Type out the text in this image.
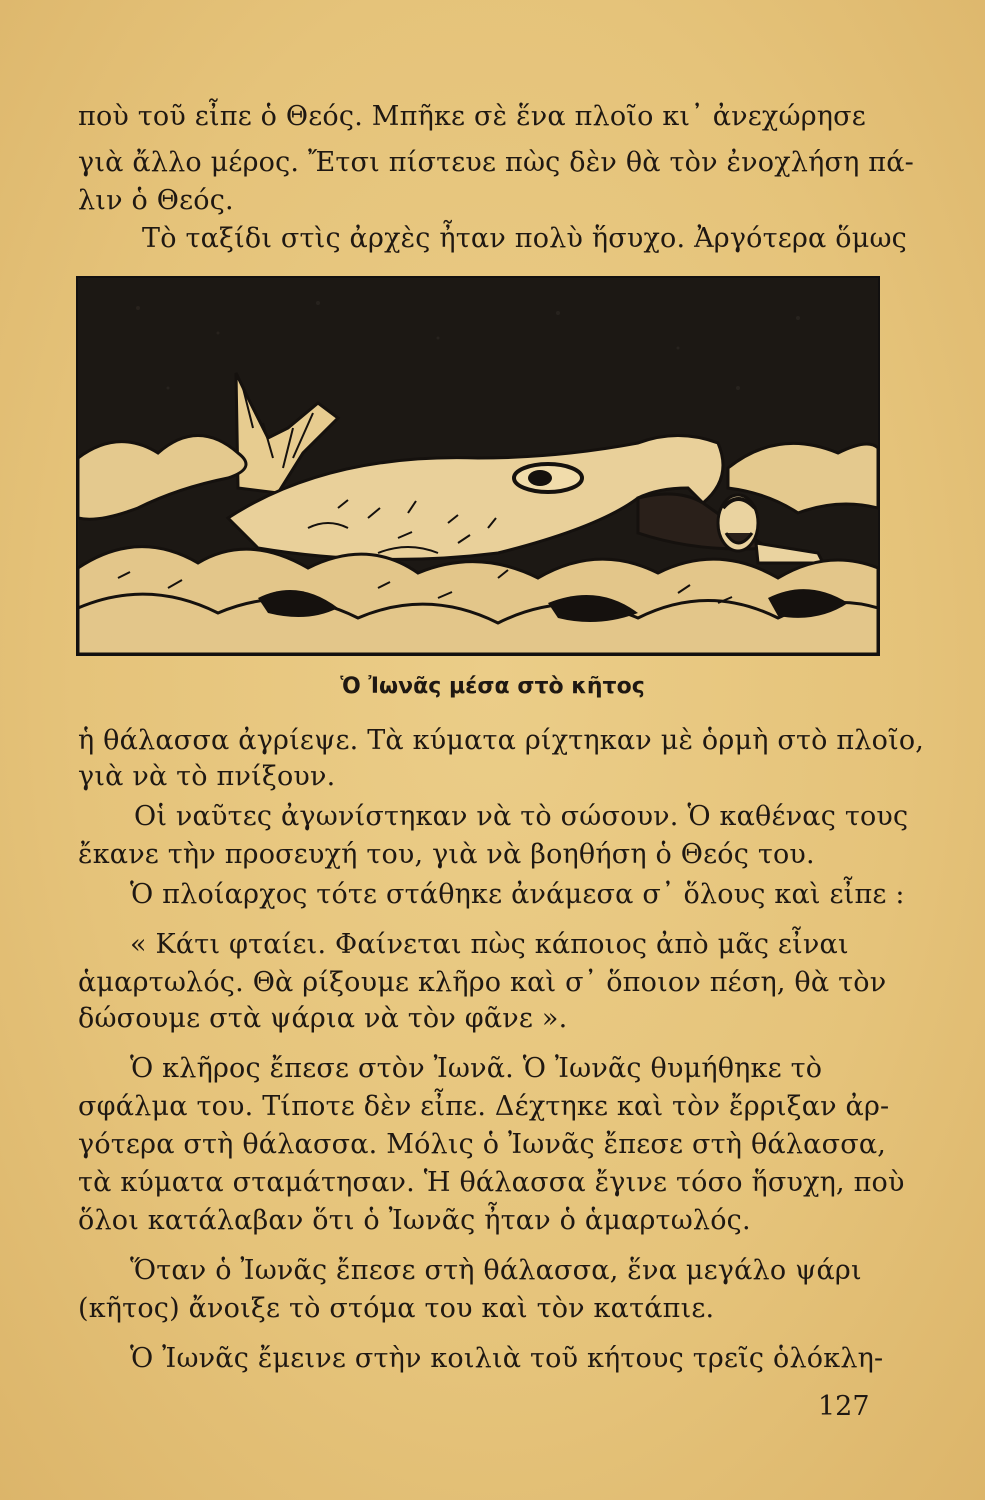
ποὺ τοῦ εἶπε ὁ Θεός. Μπῆκε σὲ ἕνα πλοῖο κι᾿ ἀνεχώρησε
γιὰ ἄλλο μέρος. Ἔτσι πίστευε πὼς δὲν θὰ τὸν ἐνοχλήση πά-
λιν ὁ Θεός.
Τὸ ταξίδι στὶς ἀρχὲς ἦταν πολὺ ἥσυχο. Ἀργότερα ὅμως
Μ.Σ.
Ὁ Ἰωνᾶς μέσα στὸ κῆτος
ἡ θάλασσα ἀγρίεψε. Τὰ κύματα ρίχτηκαν μὲ ὁρμὴ στὸ πλοῖο,
γιὰ νὰ τὸ πνίξουν.
Οἱ ναῦτες ἀγωνίστηκαν νὰ τὸ σώσουν. Ὁ καθένας τους
ἔκανε τὴν προσευχή του, γιὰ νὰ βοηθήση ὁ Θεός του.
Ὁ πλοίαρχος τότε στάθηκε ἀνάμεσα σ᾿ ὅλους καὶ εἶπε :
« Κάτι φταίει. Φαίνεται πὼς κάποιος ἀπὸ μᾶς εἶναι
ἁμαρτωλός. Θὰ ρίξουμε κλῆρο καὶ σ᾿ ὅποιον πέση, θὰ τὸν
δώσουμε στὰ ψάρια νὰ τὸν φᾶνε ».
Ὁ κλῆρος ἔπεσε στὸν Ἰωνᾶ. Ὁ Ἰωνᾶς θυμήθηκε τὸ
σφάλμα του. Τίποτε δὲν εἶπε. Δέχτηκε καὶ τὸν ἔρριξαν ἀρ-
γότερα στὴ θάλασσα. Μόλις ὁ Ἰωνᾶς ἔπεσε στὴ θάλασσα,
τὰ κύματα σταμάτησαν. Ἡ θάλασσα ἔγινε τόσο ἥσυχη, ποὺ
ὅλοι κατάλαβαν ὅτι ὁ Ἰωνᾶς ἦταν ὁ ἁμαρτωλός.
Ὅταν ὁ Ἰωνᾶς ἔπεσε στὴ θάλασσα, ἕνα μεγάλο ψάρι
(κῆτος) ἄνοιξε τὸ στόμα του καὶ τὸν κατάπιε.
Ὁ Ἰωνᾶς ἔμεινε στὴν κοιλιὰ τοῦ κήτους τρεῖς ὁλόκλη-
127
